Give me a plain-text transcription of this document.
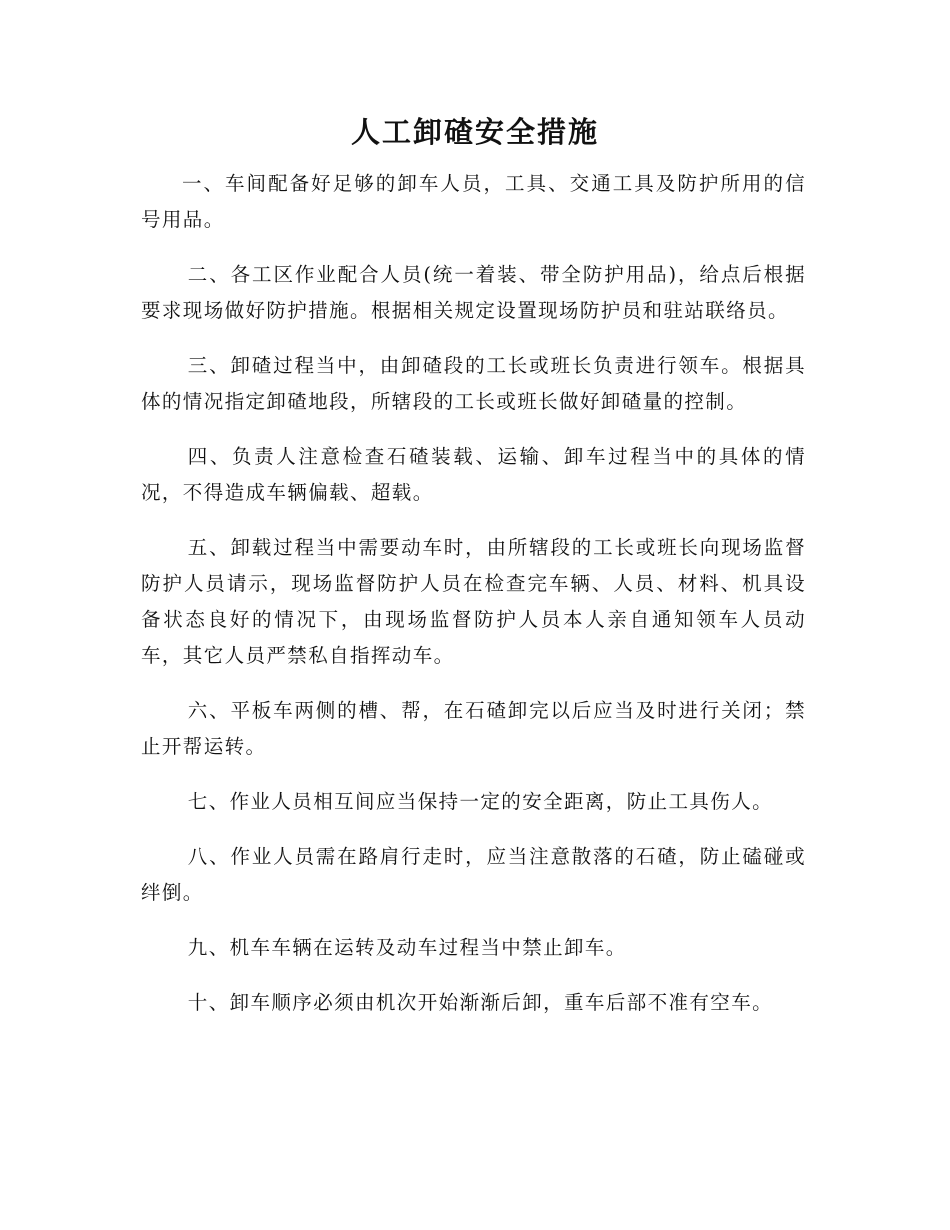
人工卸碴安全措施

一、车间配备好足够的卸车人员，工具、交通工具及防护所用的信号用品。

二、各工区作业配合人员(统一着装、带全防护用品)，给点后根据要求现场做好防护措施。根据相关规定设置现场防护员和驻站联络员。

三、卸碴过程当中，由卸碴段的工长或班长负责进行领车。根据具体的情况指定卸碴地段，所辖段的工长或班长做好卸碴量的控制。

四、负责人注意检查石碴装载、运输、卸车过程当中的具体的情况，不得造成车辆偏载、超载。

五、卸载过程当中需要动车时，由所辖段的工长或班长向现场监督防护人员请示，现场监督防护人员在检查完车辆、人员、材料、机具设备状态良好的情况下，由现场监督防护人员本人亲自通知领车人员动车，其它人员严禁私自指挥动车。

六、平板车两侧的槽、帮，在石碴卸完以后应当及时进行关闭；禁止开帮运转。

七、作业人员相互间应当保持一定的安全距离，防止工具伤人。

八、作业人员需在路肩行走时，应当注意散落的石碴，防止磕碰或绊倒。

九、机车车辆在运转及动车过程当中禁止卸车。

十、卸车顺序必须由机次开始渐渐后卸，重车后部不准有空车。
